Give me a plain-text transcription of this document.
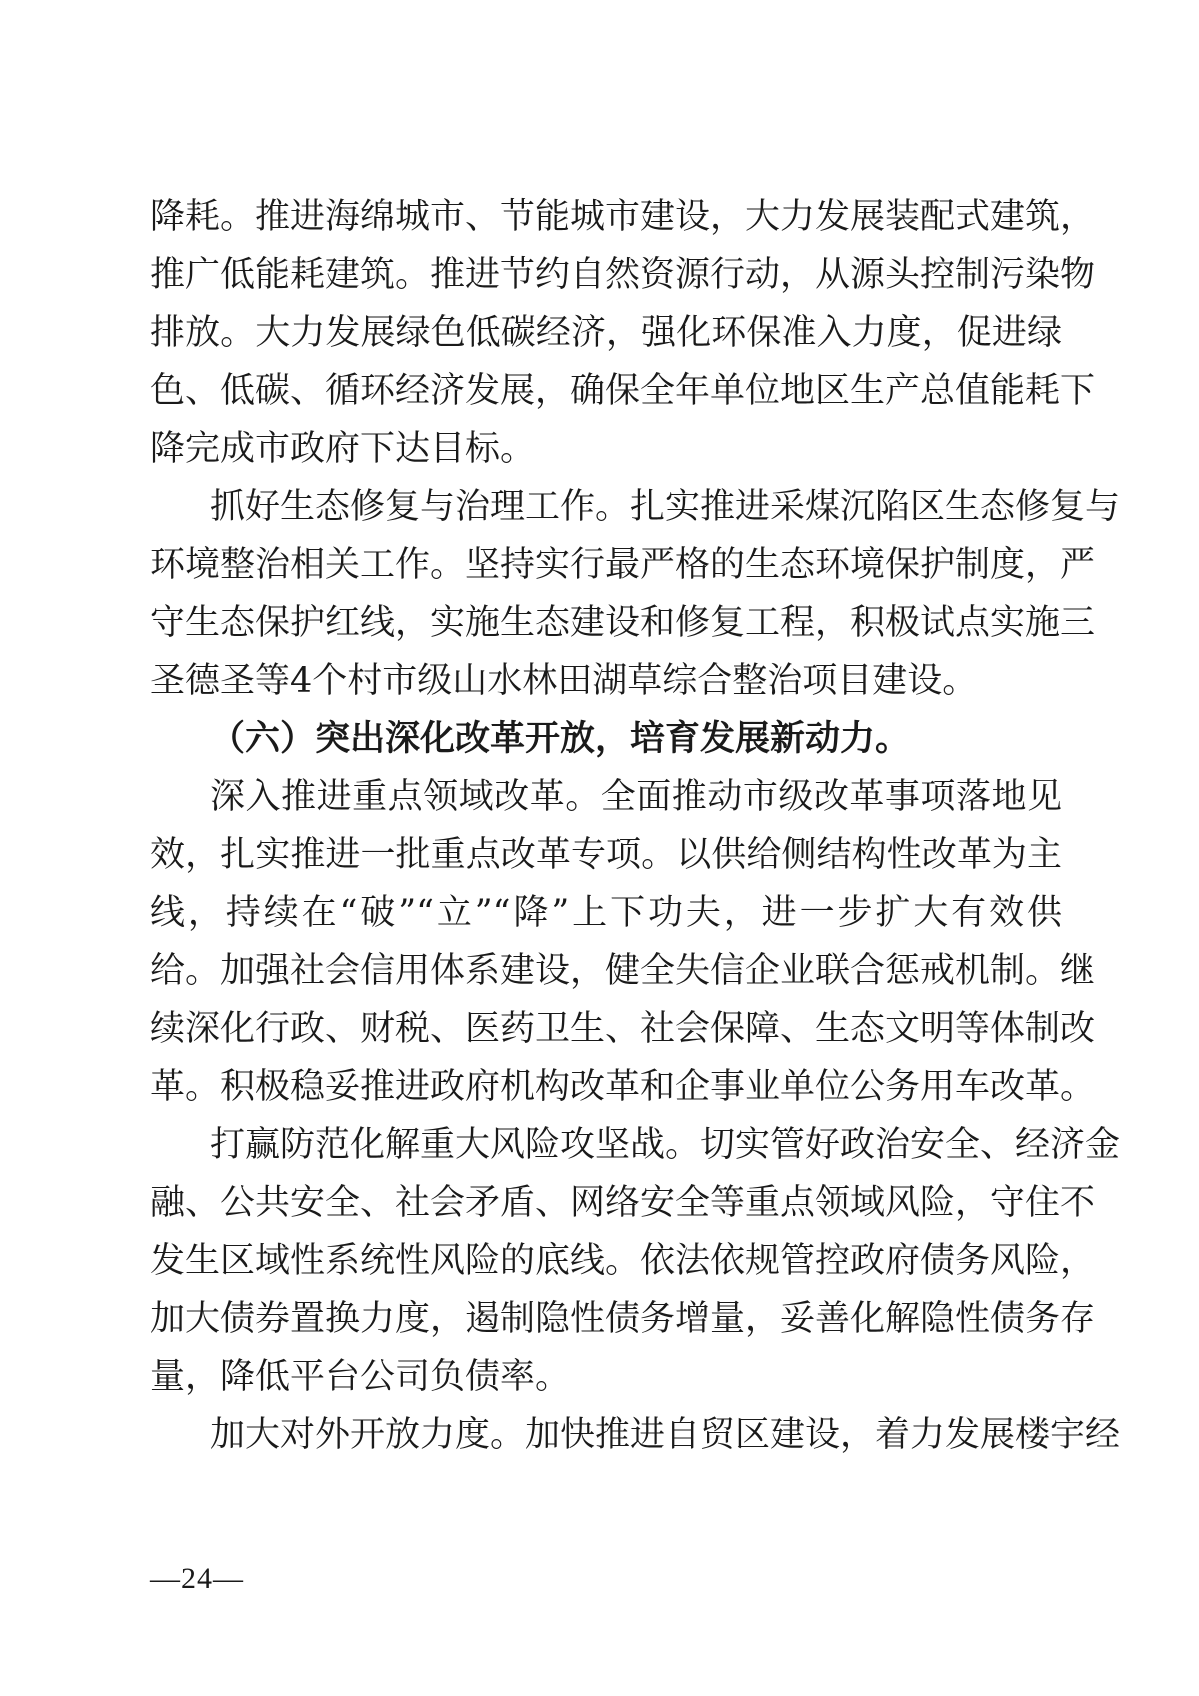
降耗。推进海绵城市、节能城市建设，大力发展装配式建筑，
推广低能耗建筑。推进节约自然资源行动，从源头控制污染物
排放。大力发展绿色低碳经济，强化环保准入力度，促进绿
色、低碳、循环经济发展，确保全年单位地区生产总值能耗下
降完成市政府下达目标。
抓好生态修复与治理工作。扎实推进采煤沉陷区生态修复与
环境整治相关工作。坚持实行最严格的生态环境保护制度，严
守生态保护红线，实施生态建设和修复工程，积极试点实施三
圣德圣等4个村市级山水林田湖草综合整治项目建设。
（六）突出深化改革开放，培育发展新动力。
深入推进重点领域改革。全面推动市级改革事项落地见
效，扎实推进一批重点改革专项。以供给侧结构性改革为主
线，持续在“破”“立”“降”上下功夫，进一步扩大有效供
给。加强社会信用体系建设，健全失信企业联合惩戒机制。继
续深化行政、财税、医药卫生、社会保障、生态文明等体制改
革。积极稳妥推进政府机构改革和企事业单位公务用车改革。
打赢防范化解重大风险攻坚战。切实管好政治安全、经济金
融、公共安全、社会矛盾、网络安全等重点领域风险，守住不
发生区域性系统性风险的底线。依法依规管控政府债务风险，
加大债券置换力度，遏制隐性债务增量，妥善化解隐性债务存
量，降低平台公司负债率。
加大对外开放力度。加快推进自贸区建设，着力发展楼宇经
—24—
